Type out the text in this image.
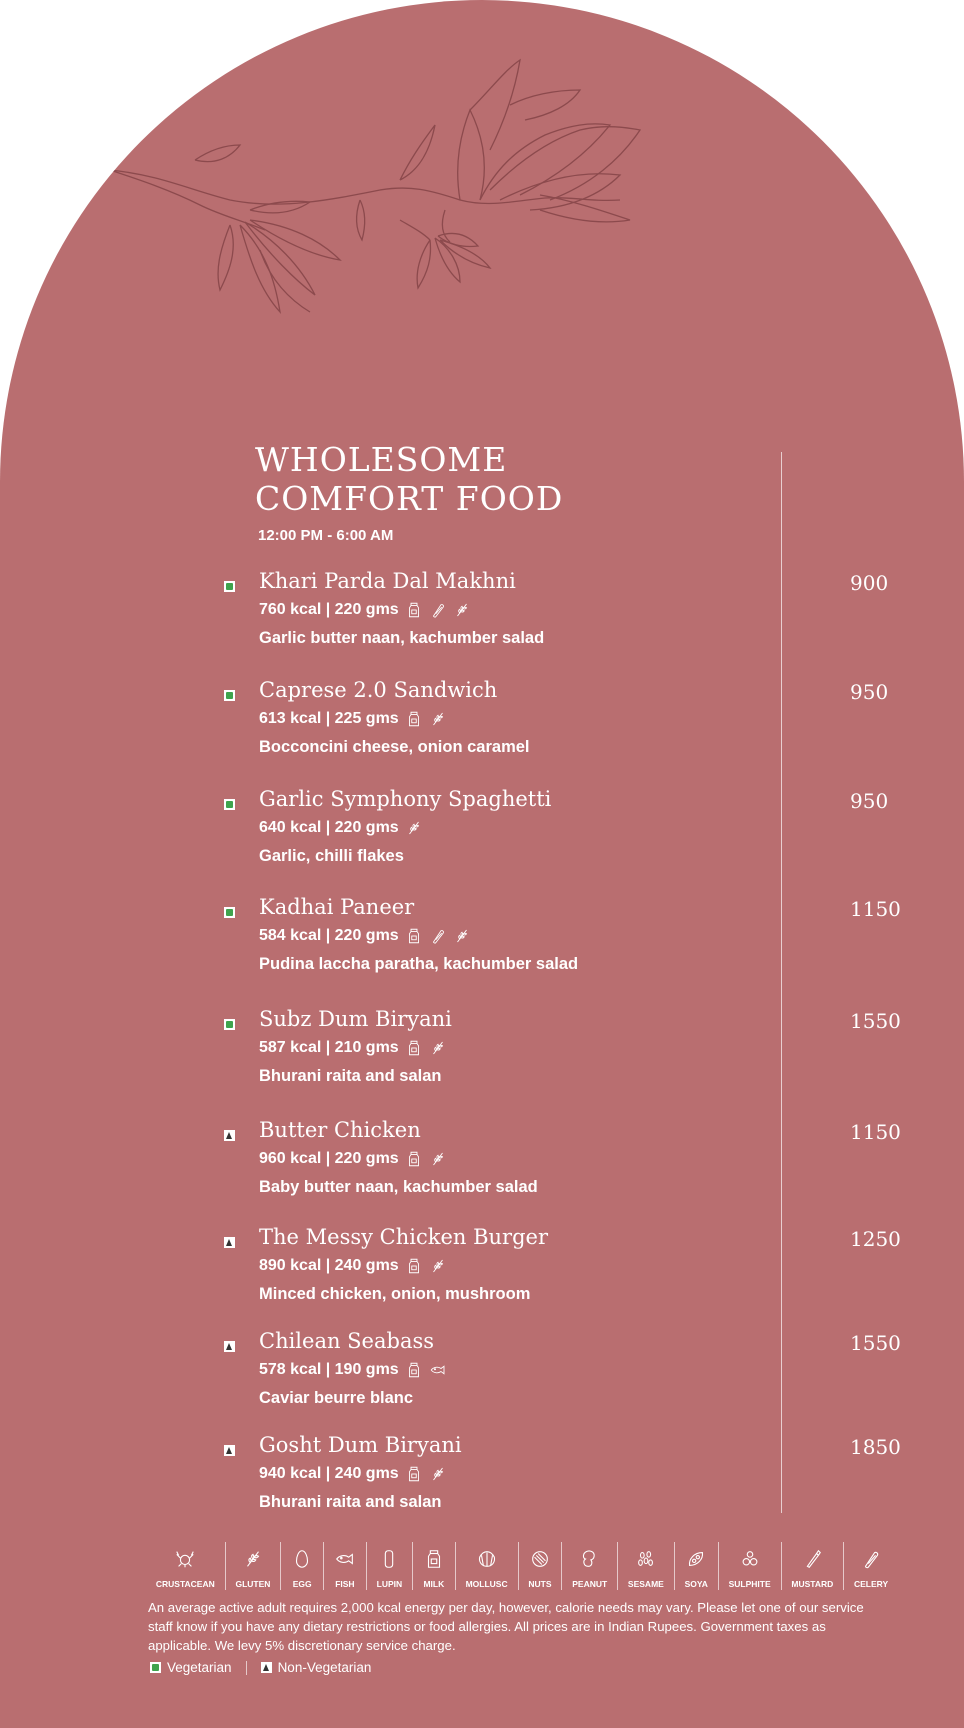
WHOLESOME
COMFORT FOOD
12:00 PM - 6:00 AM
Khari Parda Dal Makhni
760 kcal | 220 gms
Garlic butter naan, kachumber salad
900
Caprese 2.0 Sandwich
613 kcal | 225 gms
Bocconcini cheese, onion caramel
950
Garlic Symphony Spaghetti
640 kcal | 220 gms
Garlic, chilli flakes
950
Kadhai Paneer
584 kcal | 220 gms
Pudina laccha paratha, kachumber salad
1150
Subz Dum Biryani
587 kcal | 210 gms
Bhurani raita and salan
1550
Butter Chicken
960 kcal | 220 gms
Baby butter naan, kachumber salad
1150
The Messy Chicken Burger
890 kcal | 240 gms
Minced chicken, onion, mushroom
1250
Chilean Seabass
578 kcal | 190 gms
Caviar beurre blanc
1550
Gosht Dum Biryani
940 kcal | 240 gms
Bhurani raita and salan
1850
CRUSTACEAN GLUTEN	EGG	FISH	LUPIN	MILK	MOLLUSC NUTS PEANUT SESAME SOYA SULPHITE MUSTARD CELERY
An average active adult requires 2,000 kcal energy per day, however, calorie needs may vary. Please let one of our service staff know if you have any dietary restrictions or food allergies. All prices are in Indian Rupees. Government taxes as applicable. We levy 5% discretionary service charge.
Vegetarian	Non-Vegetarian
